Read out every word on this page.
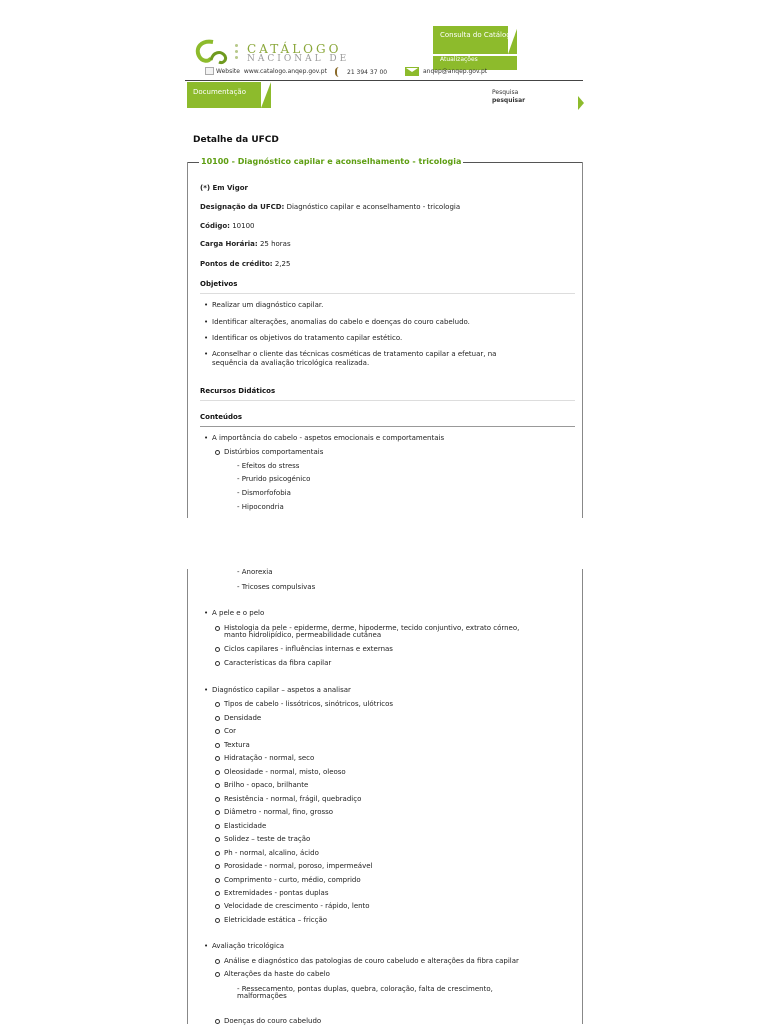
CATÁLOGO
NACIONAL DE
Consulta do Catálogo
Atualizações
Website www.catalogo.anqep.gov.pt	21 394 37 00	anqep@anqep.gov.pt
Documentação	Pesquisa
pesquisar
Detalhe da UFCD
10100 - Diagnóstico capilar e aconselhamento - tricologia
(*) Em Vigor
Designação da UFCD: Diagnóstico capilar e aconselhamento - tricologia
Código: 10100
Carga Horária: 25 horas
Pontos de crédito: 2,25
Objetivos
• Realizar um diagnóstico capilar.
• Identificar alterações, anomalias do cabelo e doenças do couro cabeludo.
• Identificar os objetivos do tratamento capilar estético.
• Aconselhar o cliente das técnicas cosméticas de tratamento capilar a efetuar, na
sequência da avaliação tricológica realizada.
Recursos Didáticos
Conteúdos
• A importância do cabelo - aspetos emocionais e comportamentais
Distúrbios comportamentais
- Efeitos do stress
- Prurido psicogénico
- Dismorfofobia
- Hipocondria
- Anorexia
- Tricoses compulsivas
• A pele e o pelo
Histologia da pele - epiderme, derme, hipoderme, tecido conjuntivo, extrato córneo,
manto hidrolipídico, permeabilidade cutânea
Ciclos capilares - influências internas e externas
Características da fibra capilar
• Diagnóstico capilar – aspetos a analisar
Tipos de cabelo - lissótricos, sinótricos, ulótricos
Densidade
Cor
Textura
Hidratação - normal, seco
Oleosidade - normal, misto, oleoso
Brilho - opaco, brilhante
Resistência - normal, frágil, quebradiço
Diâmetro - normal, fino, grosso
Elasticidade
Solidez – teste de tração
Ph - normal, alcalino, ácido
Porosidade - normal, poroso, impermeável
Comprimento - curto, médio, comprido
Extremidades - pontas duplas
Velocidade de crescimento - rápido, lento
Eletricidade estática – fricção
• Avaliação tricológica
Análise e diagnóstico das patologias de couro cabeludo e alterações da fibra capilar
Alterações da haste do cabelo
- Ressecamento, pontas duplas, quebra, coloração, falta de crescimento,
malformações
Doenças do couro cabeludo
